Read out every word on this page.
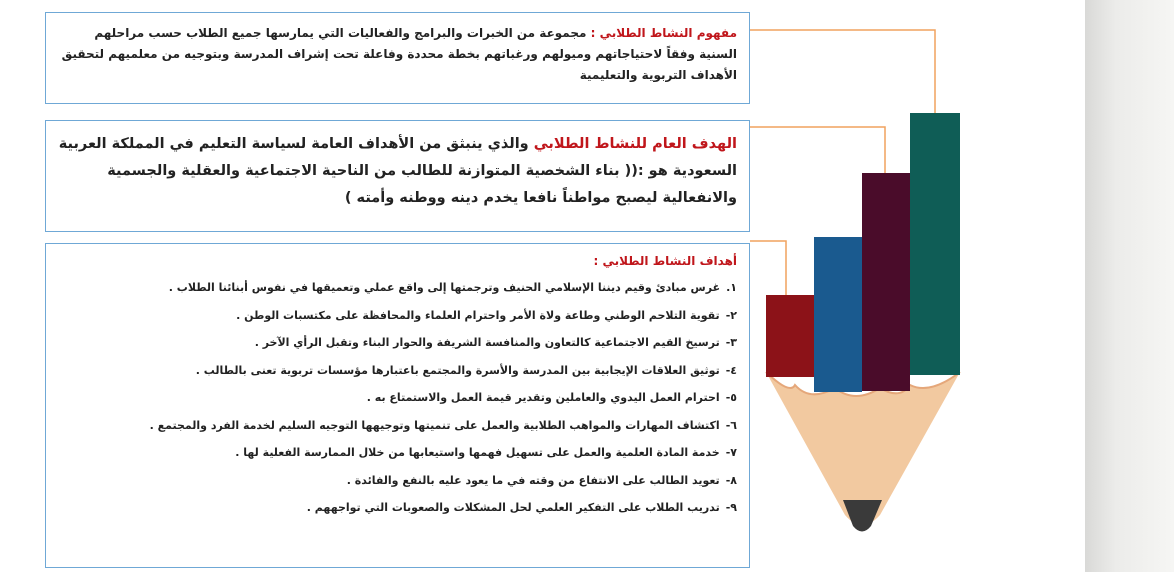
مفهوم النشاط الطلابي : مجموعة من الخبرات والبرامج والفعاليات التي يمارسها جميع الطلاب حسب مراحلهم السنية وفقاً لاحتياجاتهم وميولهم ورغباتهم بخطة محددة وفاعلة تحت إشراف المدرسة وبتوجيه من معلميهم لتحقيق الأهداف التربوية والتعليمية

الهدف العام للنشاط الطلابي والذي ينبثق من الأهداف العامة لسياسة التعليم في المملكة العربية السعودية هو :(( بناء الشخصية المتوازنة للطالب من الناحية الاجتماعية والعقلية والجسمية والانفعالية ليصبح مواطناً نافعا يخدم دينه ووطنه وأمته )

أهداف النشاط الطلابي :

١.غرس مبادئ وقيم ديننا الإسلامي الحنيف وترجمتها إلى واقع عملي وتعميقها في نفوس أبنائنا الطلاب .

٢-تقوية التلاحم الوطني وطاعة ولاة الأمر واحترام العلماء والمحافظة على مكتسبات الوطن .

٣-ترسيخ القيم الاجتماعية كالتعاون والمنافسة الشريفة والحوار البناء وتقبل الرأي الآخر .

٤-توثيق العلاقات الإيجابية بين المدرسة والأسرة والمجتمع باعتبارها مؤسسات تربوية تعنى بالطالب .

٥-احترام العمل اليدوي والعاملين وتقدير قيمة العمل والاستمتاع به .

٦-اكتشاف المهارات والمواهب الطلابية والعمل على تنميتها وتوجيهها التوجيه السليم لخدمة الفرد والمجتمع .

٧-خدمة المادة العلمية والعمل على تسهيل فهمها واستيعابها من خلال الممارسة الفعلية لها .

٨-تعويد الطالب على الانتفاع من وقته في ما يعود عليه بالنفع والفائدة .

٩-تدريب الطلاب على التفكير العلمي لحل المشكلات والصعوبات التي تواجههم .
